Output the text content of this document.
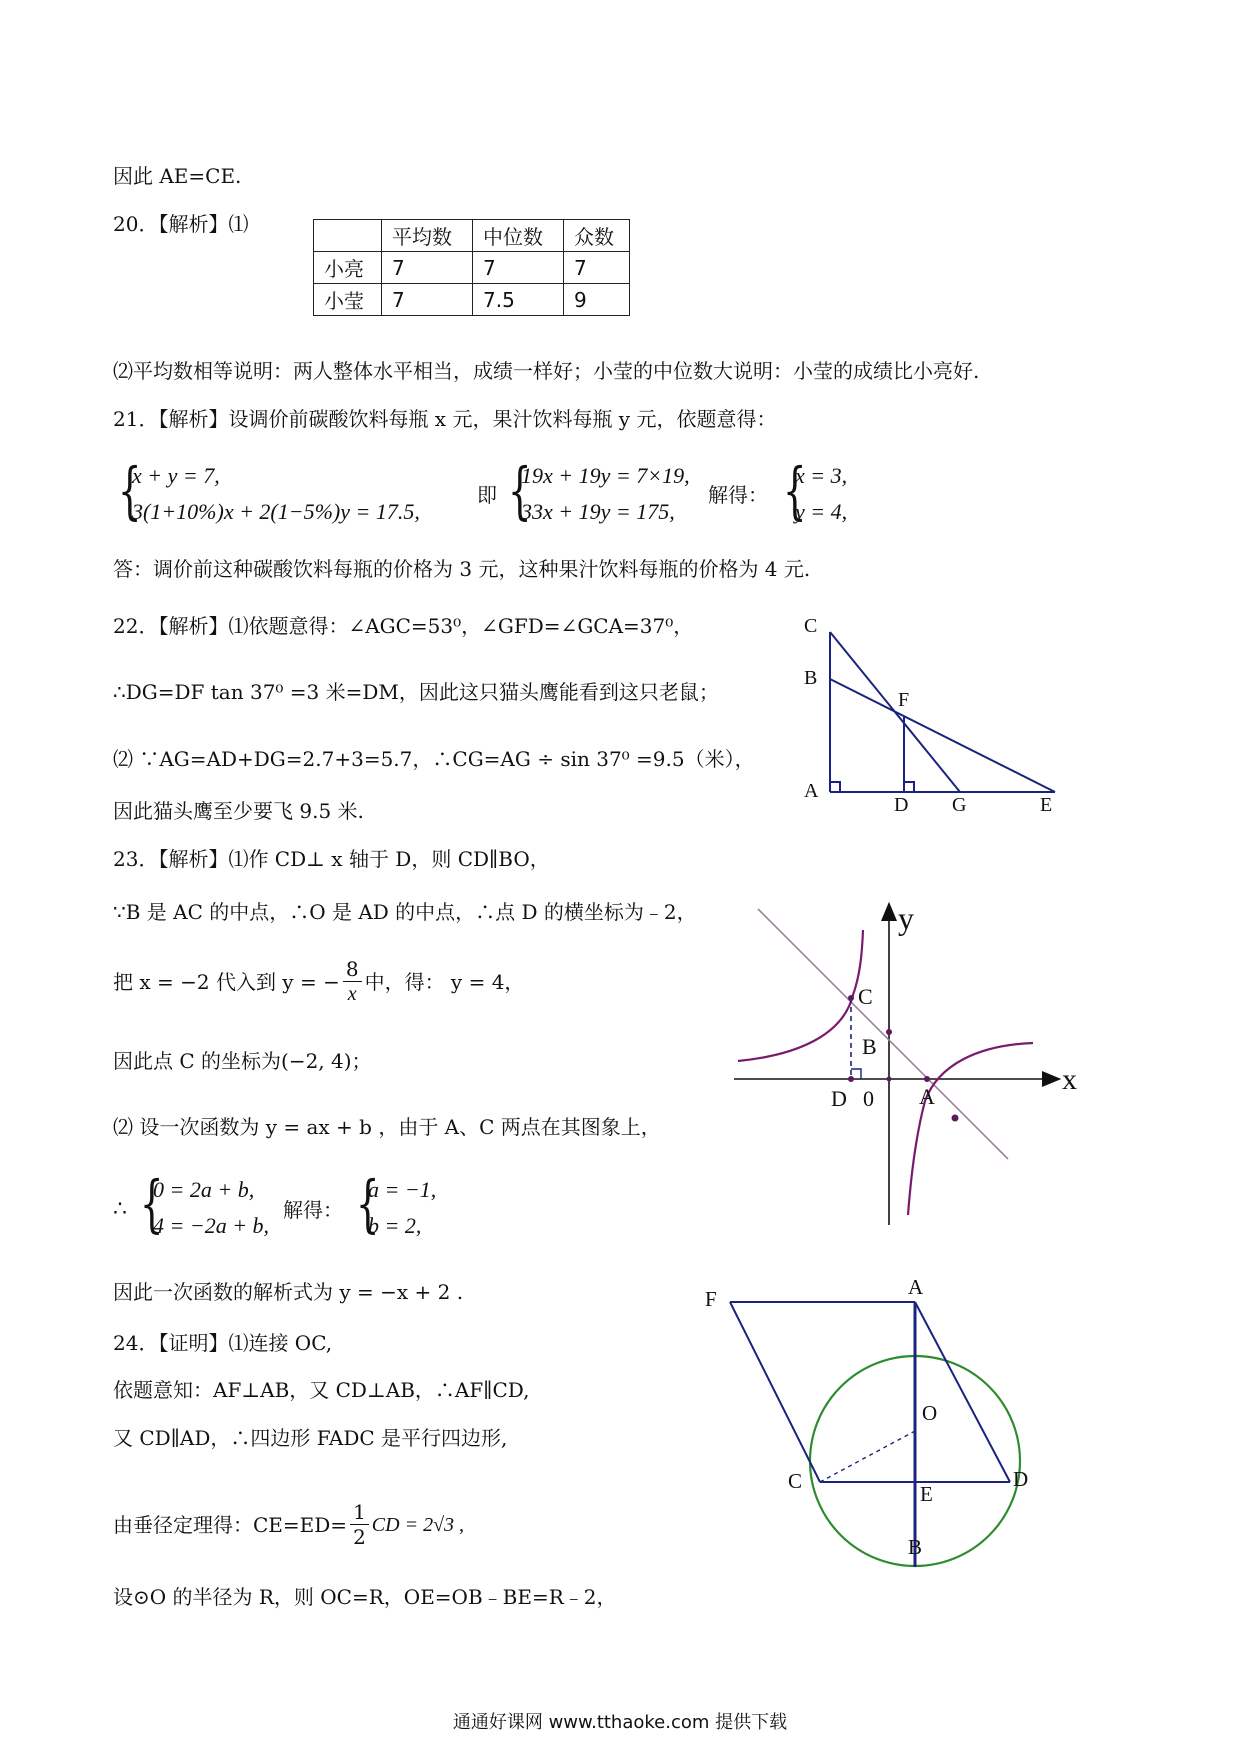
因此 AE=CE.
20．【解析】⑴
	平均数	中位数	众数
小亮	7	7	7
小莹	7	7.5	9
⑵平均数相等说明：两人整体水平相当，成绩一样好；小莹的中位数大说明：小莹的成绩比小亮好.
21．【解析】设调价前碳酸饮料每瓶 x 元，果汁饮料每瓶 y 元，依题意得：
{
x + y = 7,
3(1+10%)x + 2(1−5%)y = 17.5,
即 {
19x + 19y = 7×19,
33x + 19y = 175,
解得： {
x = 3,
y = 4,
答：调价前这种碳酸饮料每瓶的价格为 3 元，这种果汁饮料每瓶的价格为 4 元.
22．【解析】⑴依题意得：∠AGC=53⁰，∠GFD=∠GCA=37⁰，
∴DG=DF tan 37⁰ =3 米=DM，因此这只猫头鹰能看到这只老鼠；
⑵ ∵AG=AD+DG=2.7+3=5.7，∴CG=AG ÷ sin 37⁰ =9.5（米），
因此猫头鹰至少要飞 9.5 米.
C
B
F
A
D G	E
23．【解析】⑴作 CD⊥ x 轴于 D，则 CD∥BO，
∵B 是 AC 的中点，∴O 是 AD 的中点，∴点 D 的横坐标为﹣2，
把 x = −2 代入到 y = − $\frac{8}{x}$ 中，得： y = 4，
因此点 C 的坐标为(−2, 4)；
⑵ 设一次函数为 y = ax + b ，由于 A、C 两点在其图象上，
∴ {
0 = 2a + b,
4 = −2a + b,
解得： {
a = −1,
b = 2,
因此一次函数的解析式为 y = −x + 2 .
y
x
C
B
D 0 A
24．【证明】⑴连接 OC,
依题意知：AF⊥AB，又 CD⊥AB，∴AF∥CD,
又 CD∥AD，∴四边形 FADC 是平行四边形,
由垂径定理得：$CE=ED= \frac{1}{2}$ CD = 2√3 ,
设⊙O 的半径为 R，则 OC=R，OE=OB﹣BE=R﹣2，
A
F
O
C
E
D
B
通通好课网 www.tthaoke.com 提供下载
